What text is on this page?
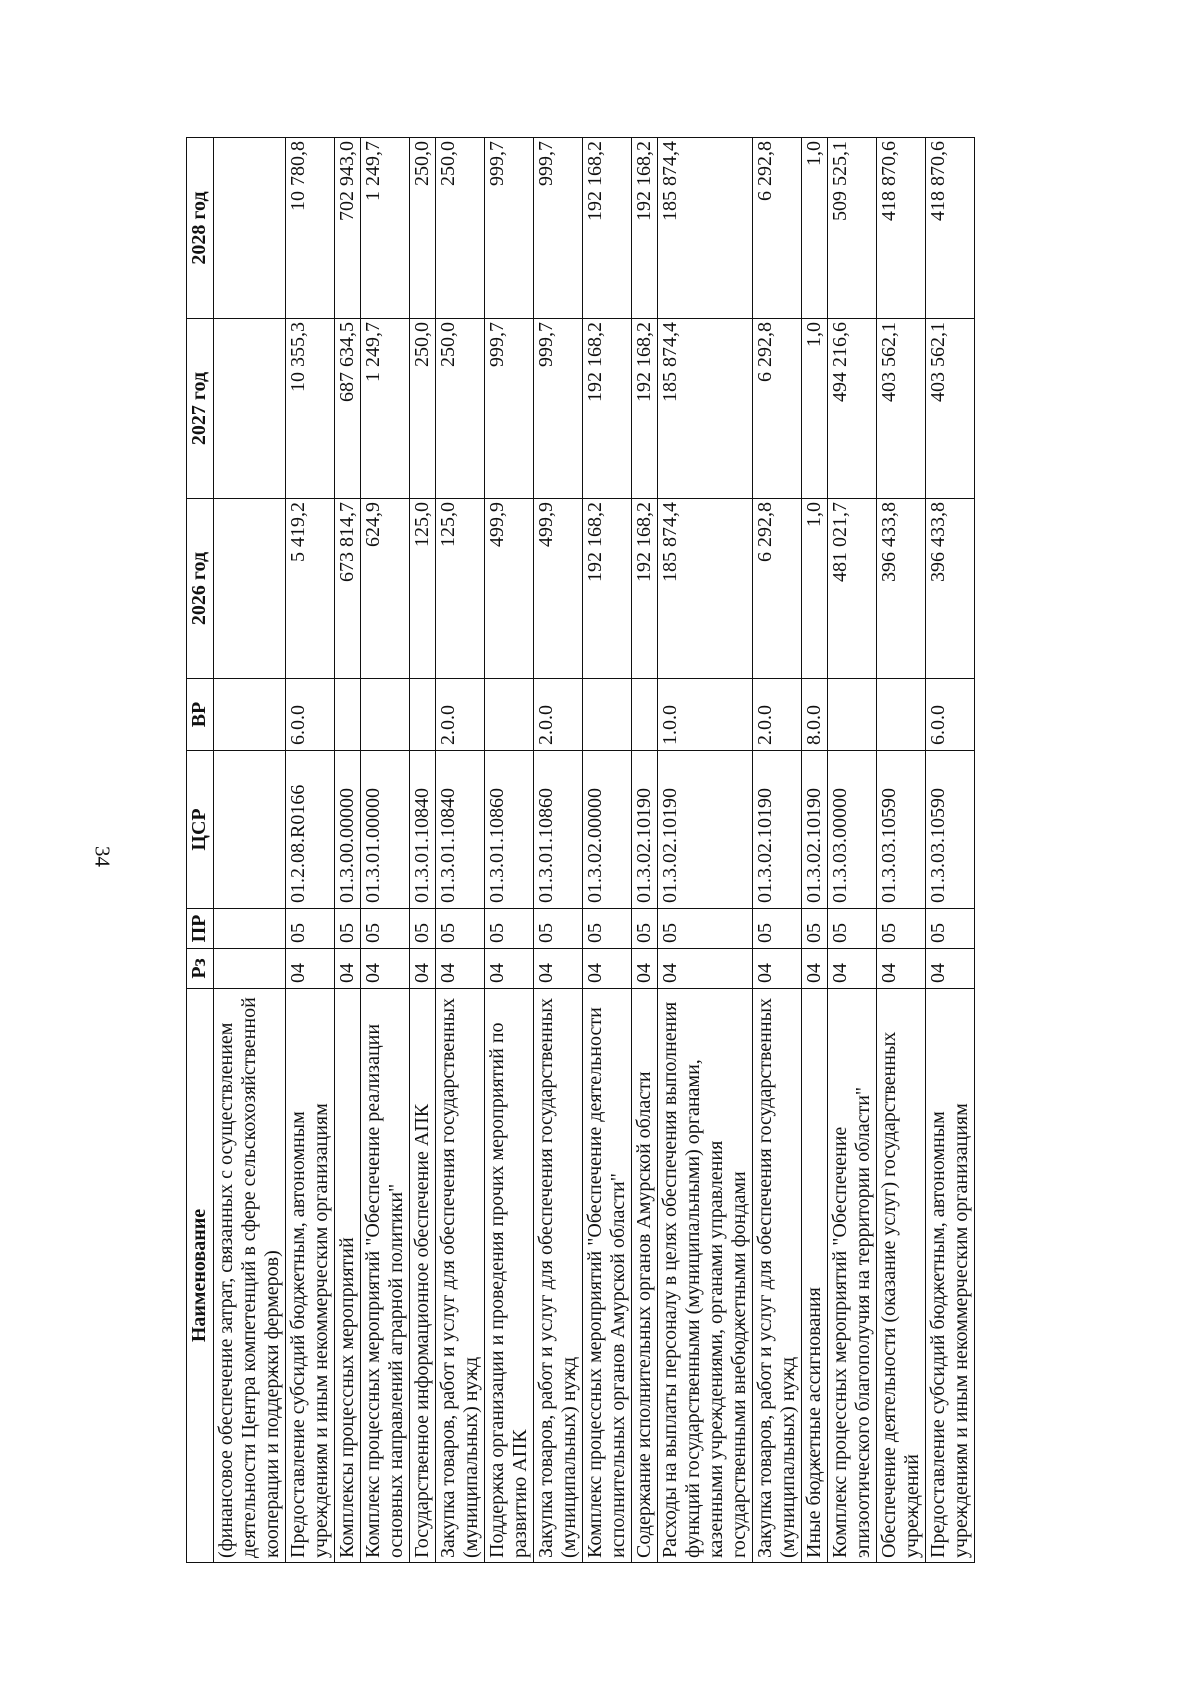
34
Наименование	Рз	ПР	ЦСР	ВР	2026 год	2027 год	2028 год
(финансовое обеспечение затрат, связанных с осуществлением деятельности Центра компетенций в сфере сельскохозяйственной кооперации и поддержки фермеров)							
Предоставление субсидий бюджетным, автономным учреждениям и иным некоммерческим организациям	04	05	01.2.08.R0166	6.0.0	5 419,2	10 355,3	10 780,8
Комплексы процессных мероприятий	04	05	01.3.00.00000		673 814,7	687 634,5	702 943,0
Комплекс процессных мероприятий "Обеспечение реализации основных направлений аграрной политики"	04	05	01.3.01.00000		624,9	1 249,7	1 249,7
Государственное информационное обеспечение АПК	04	05	01.3.01.10840		125,0	250,0	250,0
Закупка товаров, работ и услуг для обеспечения государственных (муниципальных) нужд	04	05	01.3.01.10840	2.0.0	125,0	250,0	250,0
Поддержка организации и проведения прочих мероприятий по развитию АПК	04	05	01.3.01.10860		499,9	999,7	999,7
Закупка товаров, работ и услуг для обеспечения государственных (муниципальных) нужд	04	05	01.3.01.10860	2.0.0	499,9	999,7	999,7
Комплекс процессных мероприятий "Обеспечение деятельности исполнительных органов Амурской области"	04	05	01.3.02.00000		192 168,2	192 168,2	192 168,2
Содержание исполнительных органов Амурской области	04	05	01.3.02.10190		192 168,2	192 168,2	192 168,2
Расходы на выплаты персоналу в целях обеспечения выполнения функций государственными (муниципальными) органами, казенными учреждениями, органами управления государственными внебюджетными фондами	04	05	01.3.02.10190	1.0.0	185 874,4	185 874,4	185 874,4
Закупка товаров, работ и услуг для обеспечения государственных (муниципальных) нужд	04	05	01.3.02.10190	2.0.0	6 292,8	6 292,8	6 292,8
Иные бюджетные ассигнования	04	05	01.3.02.10190	8.0.0	1,0	1,0	1,0
Комплекс процессных мероприятий "Обеспечение эпизоотического благополучия на территории области"	04	05	01.3.03.00000		481 021,7	494 216,6	509 525,1
Обеспечение деятельности (оказание услуг) государственных учреждений	04	05	01.3.03.10590		396 433,8	403 562,1	418 870,6
Предоставление субсидий бюджетным, автономным учреждениям и иным некоммерческим организациям	04	05	01.3.03.10590	6.0.0	396 433,8	403 562,1	418 870,6
